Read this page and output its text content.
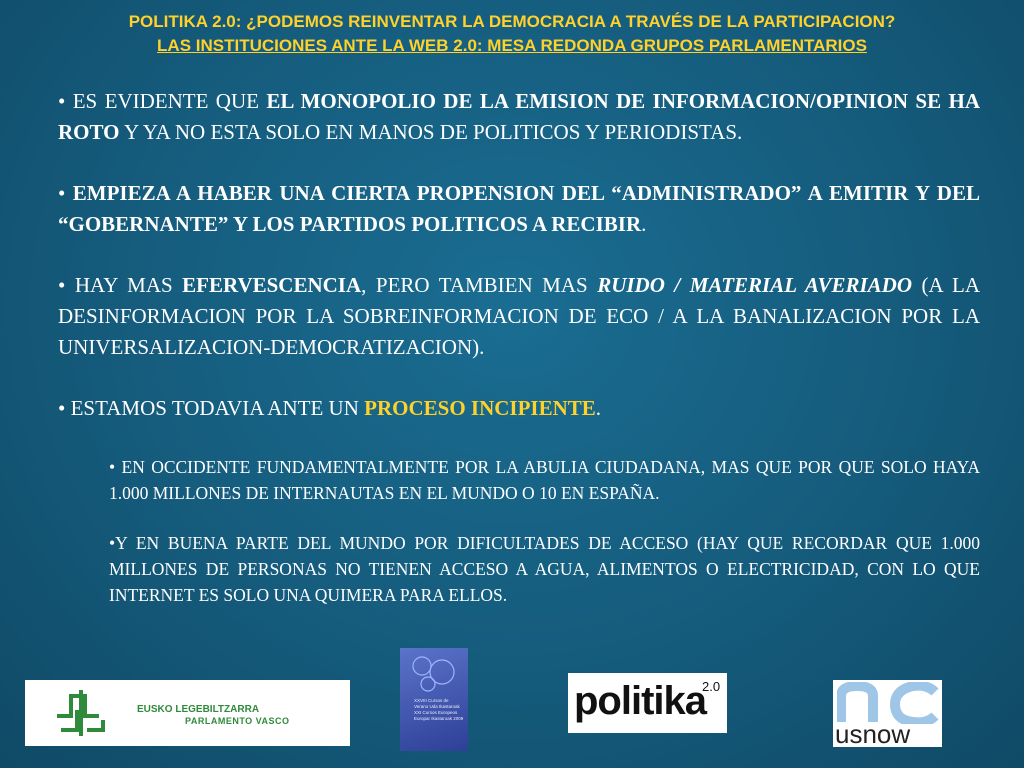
POLITIKA 2.0: ¿PODEMOS REINVENTAR LA DEMOCRACIA A TRAVÉS DE LA PARTICIPACION?
LAS INSTITUCIONES ANTE LA WEB 2.0: MESA REDONDA GRUPOS PARLAMENTARIOS

• ES EVIDENTE QUE EL MONOPOLIO DE LA EMISION DE INFORMACION/OPINION SE HA ROTO Y YA NO ESTA SOLO EN MANOS DE POLITICOS Y PERIODISTAS.

• EMPIEZA A HABER UNA CIERTA PROPENSION DEL “ADMINISTRADO” A EMITIR Y DEL “GOBERNANTE” Y LOS PARTIDOS POLITICOS A RECIBIR.

• HAY MAS EFERVESCENCIA, PERO TAMBIEN MAS RUIDO / MATERIAL AVERIADO (A LA DESINFORMACION POR LA SOBREINFORMACION DE ECO / A LA BANALIZACION POR LA UNIVERSALIZACION-DEMOCRATIZACION).

• ESTAMOS TODAVIA ANTE UN PROCESO INCIPIENTE.

• EN OCCIDENTE FUNDAMENTALMENTE POR LA ABULIA CIUDADANA, MAS QUE POR QUE SOLO HAYA 1.000 MILLONES DE INTERNAUTAS EN EL MUNDO O 10 EN ESPAÑA.

•Y EN BUENA PARTE DEL MUNDO POR DIFICULTADES DE ACCESO (HAY QUE RECORDAR QUE 1.000 MILLONES DE PERSONAS NO TIENEN ACCESO A AGUA, ALIMENTOS O ELECTRICIDAD, CON LO QUE INTERNET ES SOLO UNA QUIMERA PARA ELLOS.

EUSKO LEGEBILTZARRA
PARLAMENTO VASCO
XXVIII Cursos de Verano Uda Ikastaroak XXI Cursos Europeos Europar Ikastaroak 2009	politika
2.0
usnow
